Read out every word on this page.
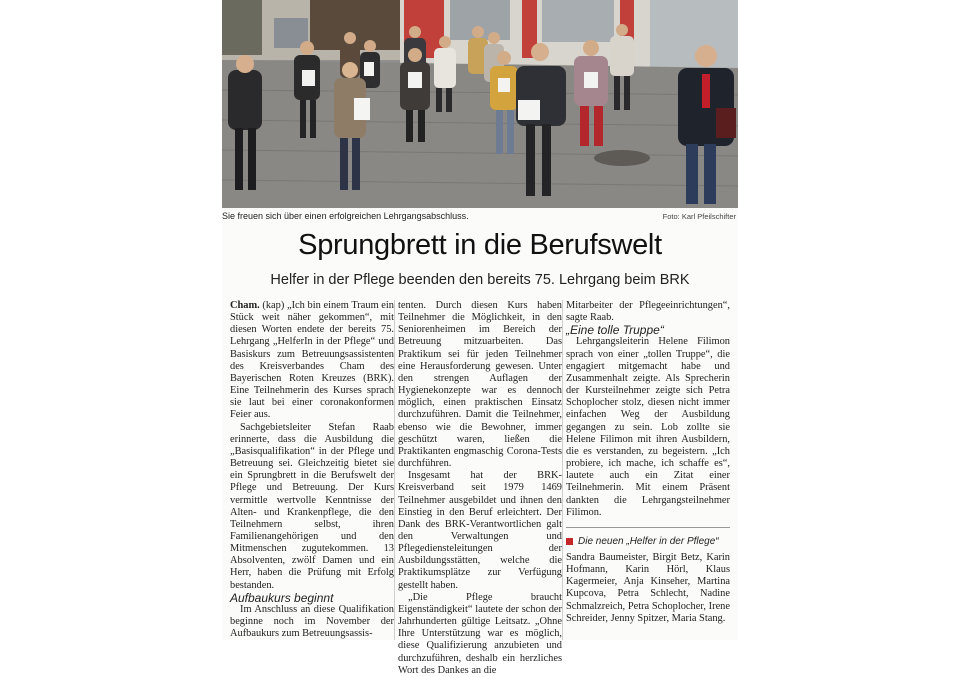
Sie freuen sich über einen erfolgreichen Lehrgangsabschluss.	Foto: Karl Pfeilschifter
Sprungbrett in die Berufswelt
Helfer in der Pflege beenden den bereits 75. Lehrgang beim BRK

Cham. (kap) „Ich bin einem Traum ein Stück weit näher gekommen“, mit diesen Worten endete der bereits 75. Lehrgang „HelferIn in der Pflege“ und Basiskurs zum Betreuungsassistenten des Kreisverbandes Cham des Bayerischen Roten Kreuzes (BRK). Eine Teilnehmerin des Kurses sprach sie laut bei einer coronakonformen Feier aus.

Sachgebietsleiter Stefan Raab erinnerte, dass die Ausbildung die „Basisqualifikation“ in der Pflege und Betreuung sei. Gleichzeitig bietet sie ein Sprungbrett in die Berufswelt der Pflege und Betreuung. Der Kurs vermittle wertvolle Kenntnisse der Alten- und Krankenpflege, die den Teilnehmern selbst, ihren Familienangehörigen und den Mitmenschen zugutekommen. 13 Absolventen, zwölf Damen und ein Herr, haben die Prüfung mit Erfolg bestanden.

Aufbaukurs beginnt

Im Anschluss an diese Qualifikation beginne noch im November der Aufbaukurs zum Betreuungsassis-

tenten. Durch diesen Kurs haben Teilnehmer die Möglichkeit, in den Seniorenheimen im Bereich der Betreuung mitzuarbeiten. Das Praktikum sei für jeden Teilnehmer eine Herausforderung gewesen. Unter den strengen Auflagen der Hygienekonzepte war es dennoch möglich, einen praktischen Einsatz durchzuführen. Damit die Teilnehmer, ebenso wie die Bewohner, immer geschützt waren, ließen die Praktikanten engmaschig Corona-Tests durchführen.

Insgesamt hat der BRK-Kreisverband seit 1979 1469 Teilnehmer ausgebildet und ihnen den Einstieg in den Beruf erleichtert. Der Dank des BRK-Verantwortlichen galt den Verwaltungen und Pflegediensteleitungen der Ausbildungsstätten, welche die Praktikumsplätze zur Verfügung gestellt haben.

„Die Pflege braucht Eigenständigkeit“ lautete der schon der Jahrhunderten gültige Leitsatz. „Ohne Ihre Unterstützung war es möglich, diese Qualifizierung anzubieten und durchzuführen, deshalb ein herzliches Wort des Dankes an die

Mitarbeiter der Pflegeeinrichtungen“, sagte Raab.

„Eine tolle Truppe“

Lehrgangsleiterin Helene Filimon sprach von einer „tollen Truppe“, die engagiert mitgemacht habe und Zusammenhalt zeigte. Als Sprecherin der Kursteilnehmer zeigte sich Petra Schoplocher stolz, diesen nicht immer einfachen Weg der Ausbildung gegangen zu sein. Lob zollte sie Helene Filimon mit ihren Ausbildern, die es verstanden, zu begeistern. „Ich probiere, ich mache, ich schaffe es“, lautete auch ein Zitat einer Teilnehmerin. Mit einem Präsent dankten die Lehrgangsteilnehmer Filimon.

Die neuen „Helfer in der Pflege“

Sandra Baumeister, Birgit Betz, Karin Hofmann, Karin Hörl, Klaus Kagermeier, Anja Kinseher, Martina Kupcova, Petra Schlecht, Nadine Schmalzreich, Petra Schoplocher, Irene Schreider, Jenny Spitzer, Maria Stang.
